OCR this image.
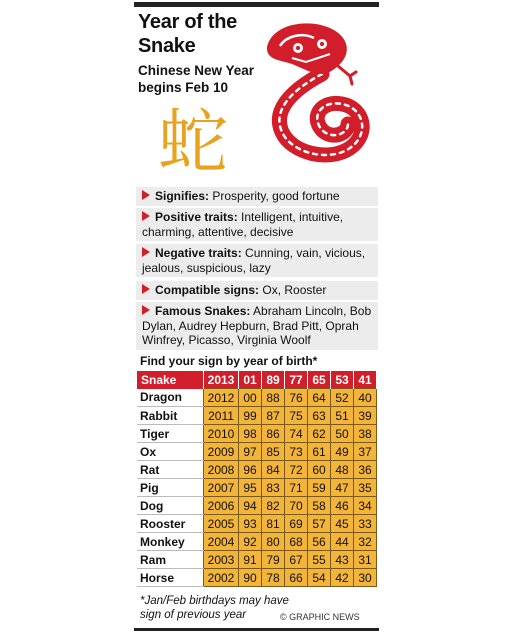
Year of the
Snake
Chinese New Year
begins Feb 10
蛇
Signifies: Prosperity, good fortune
Positive traits: Intelligent, intuitive, charming, attentive, decisive
Negative traits: Cunning, vain, vicious, jealous, suspicious, lazy
Compatible signs: Ox, Rooster
Famous Snakes: Abraham Lincoln, Bob Dylan, Audrey Hepburn, Brad Pitt, Oprah Winfrey, Picasso, Virginia Woolf
Find your sign by year of birth*
Snake	2013	01	89	77	65	53	41
Dragon	2012	00	88	76	64	52	40
Rabbit	2011	99	87	75	63	51	39
Tiger	2010	98	86	74	62	50	38
Ox	2009	97	85	73	61	49	37
Rat	2008	96	84	72	60	48	36
Pig	2007	95	83	71	59	47	35
Dog	2006	94	82	70	58	46	34
Rooster	2005	93	81	69	57	45	33
Monkey	2004	92	80	68	56	44	32
Ram	2003	91	79	67	55	43	31
Horse	2002	90	78	66	54	42	30
*Jan/Feb birthdays may have
sign of previous year	© GRAPHIC NEWS
